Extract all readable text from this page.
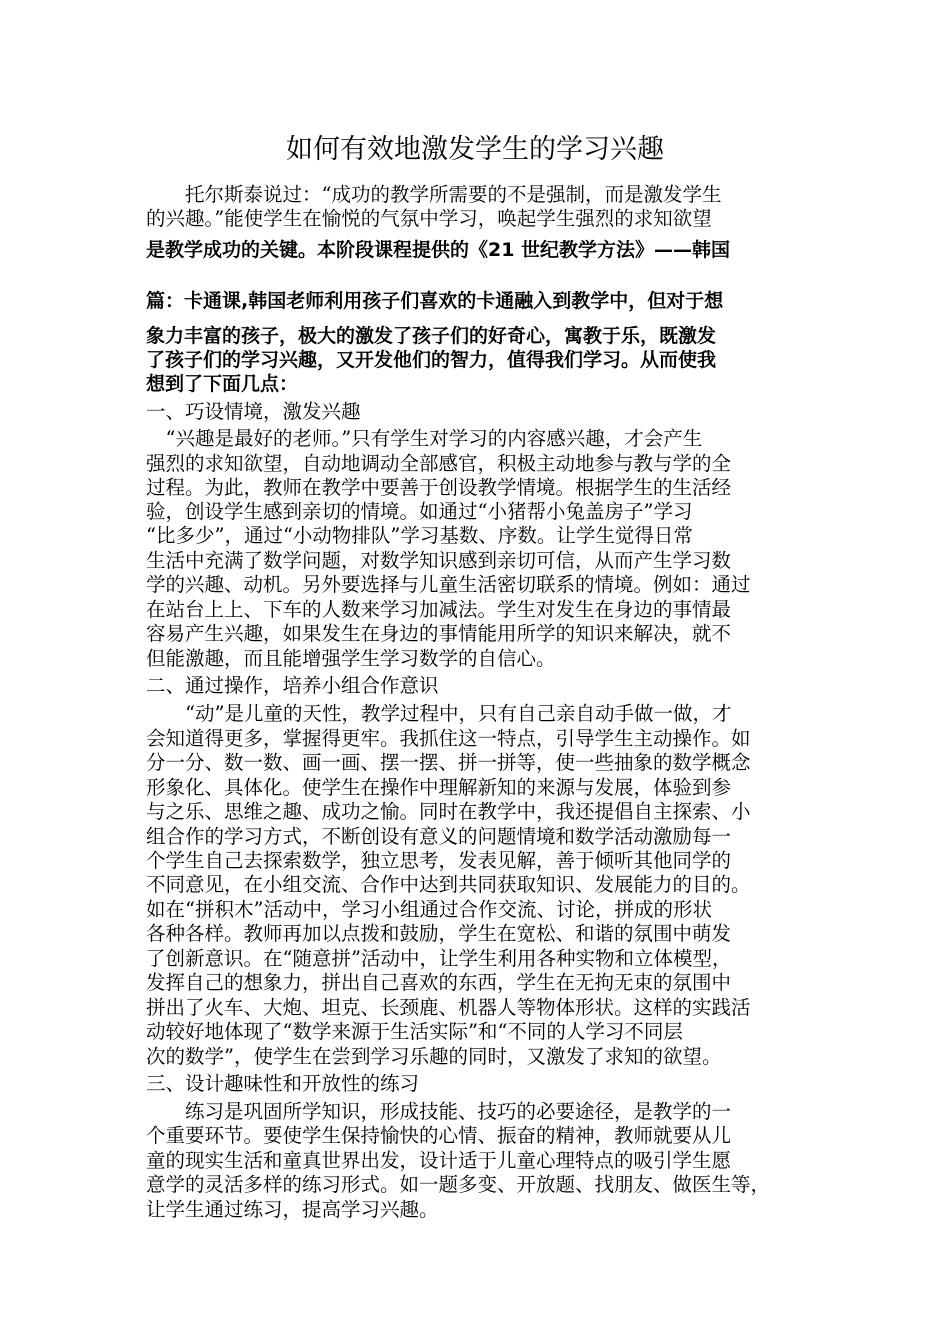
如何有效地激发学生的学习兴趣
　　托尔斯泰说过：“成功的教学所需要的不是强制，而是激发学生
的兴趣。”能使学生在愉悦的气氛中学习，唤起学生强烈的求知欲望
是教学成功的关键。本阶段课程提供的《21 世纪教学方法》——韩国
篇：卡通课,韩国老师利用孩子们喜欢的卡通融入到教学中，但对于想
象力丰富的孩子，极大的激发了孩子们的好奇心，寓教于乐，既激发
了孩子们的学习兴趣，又开发他们的智力，值得我们学习。从而使我
想到了下面几点：
一、巧设情境，激发兴趣
　“兴趣是最好的老师。”只有学生对学习的内容感兴趣，才会产生
强烈的求知欲望，自动地调动全部感官，积极主动地参与教与学的全
过程。为此，教师在教学中要善于创设教学情境。根据学生的生活经
验，创设学生感到亲切的情境。如通过“小猪帮小兔盖房子”学习
“比多少”，通过“小动物排队”学习基数、序数。让学生觉得日常
生活中充满了数学问题，对数学知识感到亲切可信，从而产生学习数
学的兴趣、动机。另外要选择与儿童生活密切联系的情境。例如：通过
在站台上上、下车的人数来学习加减法。学生对发生在身边的事情最
容易产生兴趣，如果发生在身边的事情能用所学的知识来解决，就不
但能激趣，而且能增强学生学习数学的自信心。
二、通过操作，培养小组合作意识
　　“动”是儿童的天性，教学过程中，只有自己亲自动手做一做，才
会知道得更多，掌握得更牢。我抓住这一特点，引导学生主动操作。如
分一分、数一数、画一画、摆一摆、拼一拼等，使一些抽象的数学概念
形象化、具体化。使学生在操作中理解新知的来源与发展，体验到参
与之乐、思维之趣、成功之愉。同时在教学中，我还提倡自主探索、小
组合作的学习方式，不断创设有意义的问题情境和数学活动激励每一
个学生自己去探索数学，独立思考，发表见解，善于倾听其他同学的
不同意见，在小组交流、合作中达到共同获取知识、发展能力的目的。
如在“拼积木”活动中，学习小组通过合作交流、讨论，拼成的形状
各种各样。教师再加以点拨和鼓励，学生在宽松、和谐的氛围中萌发
了创新意识。在“随意拼”活动中，让学生利用各种实物和立体模型，
发挥自己的想象力，拼出自己喜欢的东西，学生在无拘无束的氛围中
拼出了火车、大炮、坦克、长颈鹿、机器人等物体形状。这样的实践活
动较好地体现了“数学来源于生活实际”和“不同的人学习不同层
次的数学”，使学生在尝到学习乐趣的同时，又激发了求知的欲望。
三、设计趣味性和开放性的练习
　　练习是巩固所学知识，形成技能、技巧的必要途径，是教学的一
个重要环节。要使学生保持愉快的心情、振奋的精神，教师就要从儿
童的现实生活和童真世界出发，设计适于儿童心理特点的吸引学生愿
意学的灵活多样的练习形式。如一题多变、开放题、找朋友、做医生等，
让学生通过练习，提高学习兴趣。
